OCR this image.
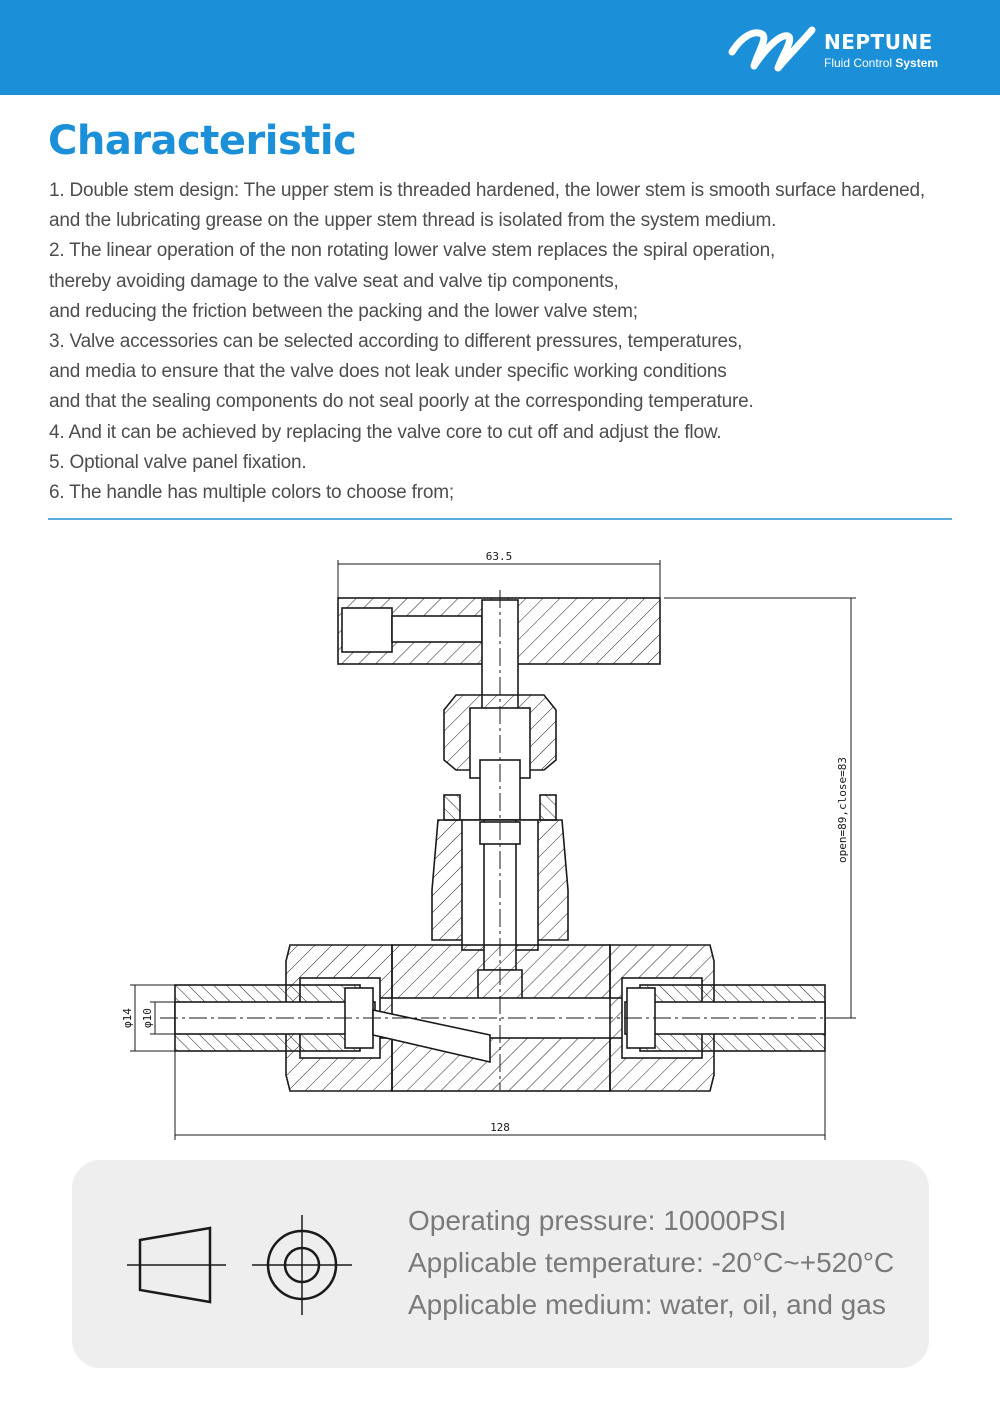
NEPTUNE
Fluid Control System
Characteristic
1. Double stem design: The upper stem is threaded hardened, the lower stem is smooth surface hardened,
and the lubricating grease on the upper stem thread is isolated from the system medium.
2. The linear operation of the non rotating lower valve stem replaces the spiral operation,
thereby avoiding damage to the valve seat and valve tip components,
and reducing the friction between the packing and the lower valve stem;
3. Valve accessories can be selected according to different pressures, temperatures,
and media to ensure that the valve does not leak under specific working conditions
and that the sealing components do not seal poorly at the corresponding temperature.
4. And it can be achieved by replacing the valve core to cut off and adjust the flow.
5. Optional valve panel fixation.
6. The handle has multiple colors to choose from;
63.5
open=89,close=83
128
φ14 φ10
Operating pressure: 10000PSI
Applicable temperature: -20°C~+520°C
Applicable medium: water, oil, and gas
